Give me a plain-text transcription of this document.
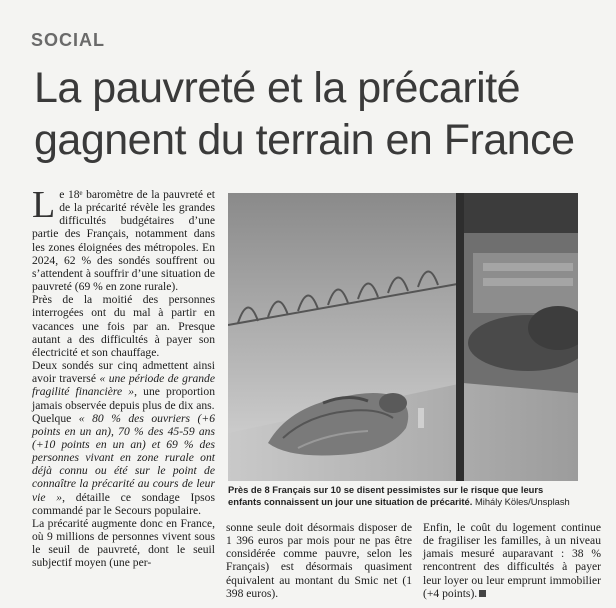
SOCIAL
La pauvreté et la précarité
gagnent du terrain en France

Le 18ᵉ baromètre de la pauvreté et de la précarité révèle les grandes difficultés budgétaires d’une partie des Français, notamment dans les zones éloignées des métropoles. En 2024, 62 % des sondés souffrent ou s’attendent à souffrir d’une situation de pauvreté (69 % en zone rurale).

Près de la moitié des personnes interrogées ont du mal à partir en vacances une fois par an. Presque autant a des difficultés à payer son électricité et son chauffage.

Deux sondés sur cinq admettent ainsi avoir traversé « une période de grande fragilité financière », une proportion jamais observée depuis plus de dix ans.

Quelque « 80 % des ouvriers (+6 points en un an), 70 % des 45-59 ans (+10 points en un an) et 69 % des personnes vivant en zone rurale ont déjà connu ou été sur le point de connaître la précarité au cours de leur vie », détaille ce sondage Ipsos commandé par le Secours populaire.

La précarité augmente donc en France, où 9 millions de personnes vivent sous le seuil de pauvreté, dont le seuil subjectif moyen (une per-

Près de 8 Français sur 10 se disent pessimistes sur le risque que leurs enfants connaissent un jour une situation de précarité. Mihály Köles/Unsplash

sonne seule doit désormais disposer de 1 396 euros par mois pour ne pas être considérée comme pauvre, selon les Français) est désormais quasiment équivalent au montant du Smic net (1 398 euros).

Enfin, le coût du logement continue de fragiliser les familles, à un niveau jamais mesuré auparavant : 38 % rencontrent des difficultés à payer leur loyer ou leur emprunt immobilier (+4 points).
